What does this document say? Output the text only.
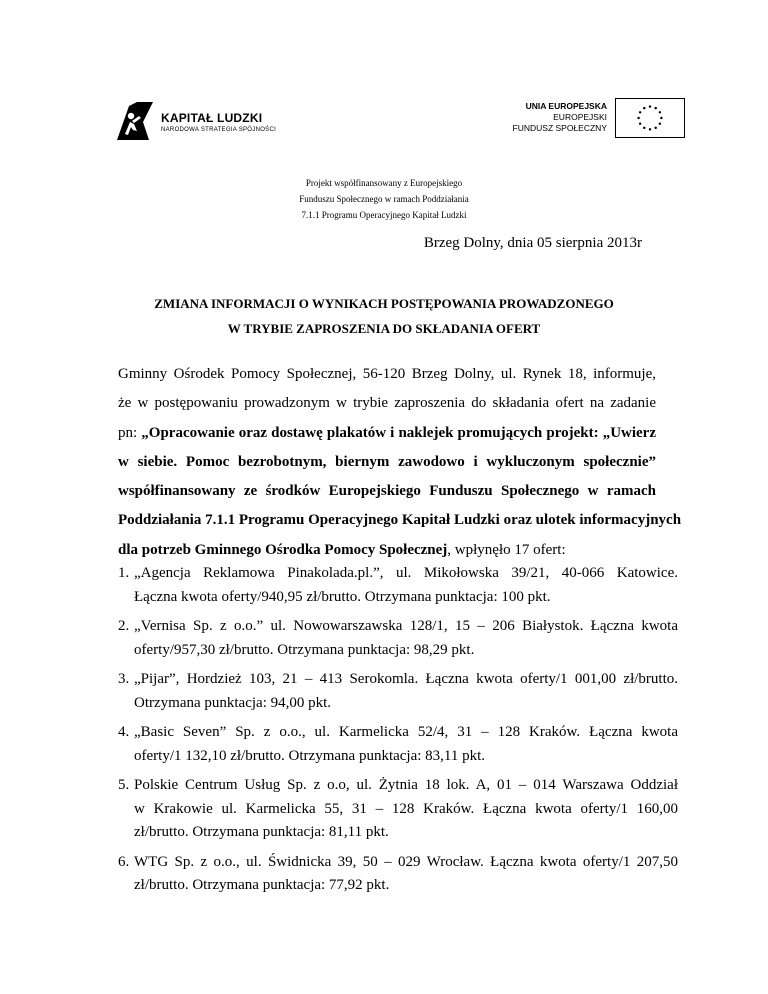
KAPITAŁ LUDZKI
NARODOWA STRATEGIA SPÓJNOŚCI
UNIA EUROPEJSKA
EUROPEJSKI
FUNDUSZ SPOŁECZNY
Projekt współfinansowany z Europejskiego
Funduszu Społecznego w ramach Poddziałania
7.1.1 Programu Operacyjnego Kapitał Ludzki
Brzeg Dolny, dnia 05 sierpnia 2013r
ZMIANA INFORMACJI O WYNIKACH POSTĘPOWANIA PROWADZONEGO
W TRYBIE ZAPROSZENIA DO SKŁADANIA OFERT
Gminny Ośrodek Pomocy Społecznej, 56-120 Brzeg Dolny, ul. Rynek 18, informuje,
że w postępowaniu prowadzonym w trybie zaproszenia do składania ofert na zadanie
pn: „Opracowanie oraz dostawę plakatów i naklejek promujących projekt: „Uwierz
w siebie. Pomoc bezrobotnym, biernym zawodowo i wykluczonym społecznie”
współfinansowany ze środków Europejskiego Funduszu Społecznego w ramach
Poddziałania 7.1.1 Programu Operacyjnego Kapitał Ludzki oraz ulotek informacyjnych
dla potrzeb Gminnego Ośrodka Pomocy Społecznej, wpłynęło 17 ofert:
1. „Agencja Reklamowa Pinakolada.pl.”, ul. Mikołowska 39/21, 40-066 Katowice.
Łączna kwota oferty/940,95 zł/brutto. Otrzymana punktacja: 100 pkt.
2. „Vernisa Sp. z o.o.” ul. Nowowarszawska 128/1, 15 – 206 Białystok. Łączna kwota
oferty/957,30 zł/brutto. Otrzymana punktacja: 98,29 pkt.
3. „Pijar”, Hordzież 103, 21 – 413 Serokomla. Łączna kwota oferty/1 001,00 zł/brutto.
Otrzymana punktacja: 94,00 pkt.
4. „Basic Seven” Sp. z o.o., ul. Karmelicka 52/4, 31 – 128 Kraków. Łączna kwota
oferty/1 132,10 zł/brutto. Otrzymana punktacja: 83,11 pkt.
5. Polskie Centrum Usług Sp. z o.o, ul. Żytnia 18 lok. A, 01 – 014 Warszawa Oddział
w Krakowie ul. Karmelicka 55, 31 – 128 Kraków. Łączna kwota oferty/1 160,00
zł/brutto. Otrzymana punktacja: 81,11 pkt.
6. WTG Sp. z o.o., ul. Świdnicka 39, 50 – 029 Wrocław. Łączna kwota oferty/1 207,50
zł/brutto. Otrzymana punktacja: 77,92 pkt.
